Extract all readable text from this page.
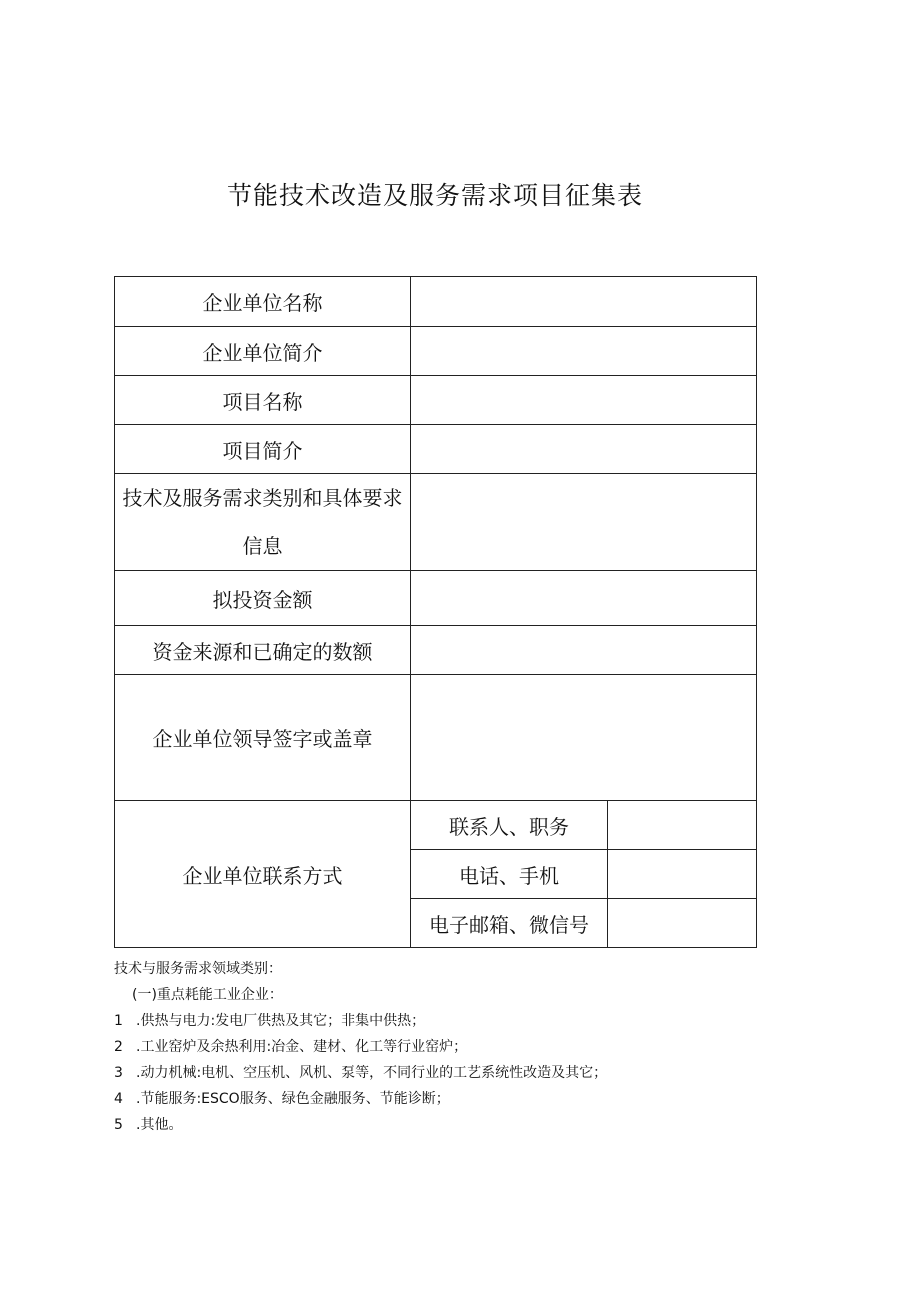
节能技术改造及服务需求项目征集表
企业单位名称		
企业单位简介		
项目名称		
项目简介		
技术及服务需求类别和具体要求信息		
拟投资金额		
资金来源和已确定的数额		
企业单位领导签字或盖章		
企业单位联系方式	联系人、职务	
	电话、手机	
	电子邮箱、微信号	
技术与服务需求领域类别：
(一)重点耗能工业企业：
1 .供热与电力:发电厂供热及其它；非集中供热；
2 .工业窑炉及余热利用:冶金、建材、化工等行业窑炉；
3 .动力机械:电机、空压机、风机、泵等，不同行业的工艺系统性改造及其它；
4 .节能服务:ESCO服务、绿色金融服务、节能诊断；
5 .其他。
